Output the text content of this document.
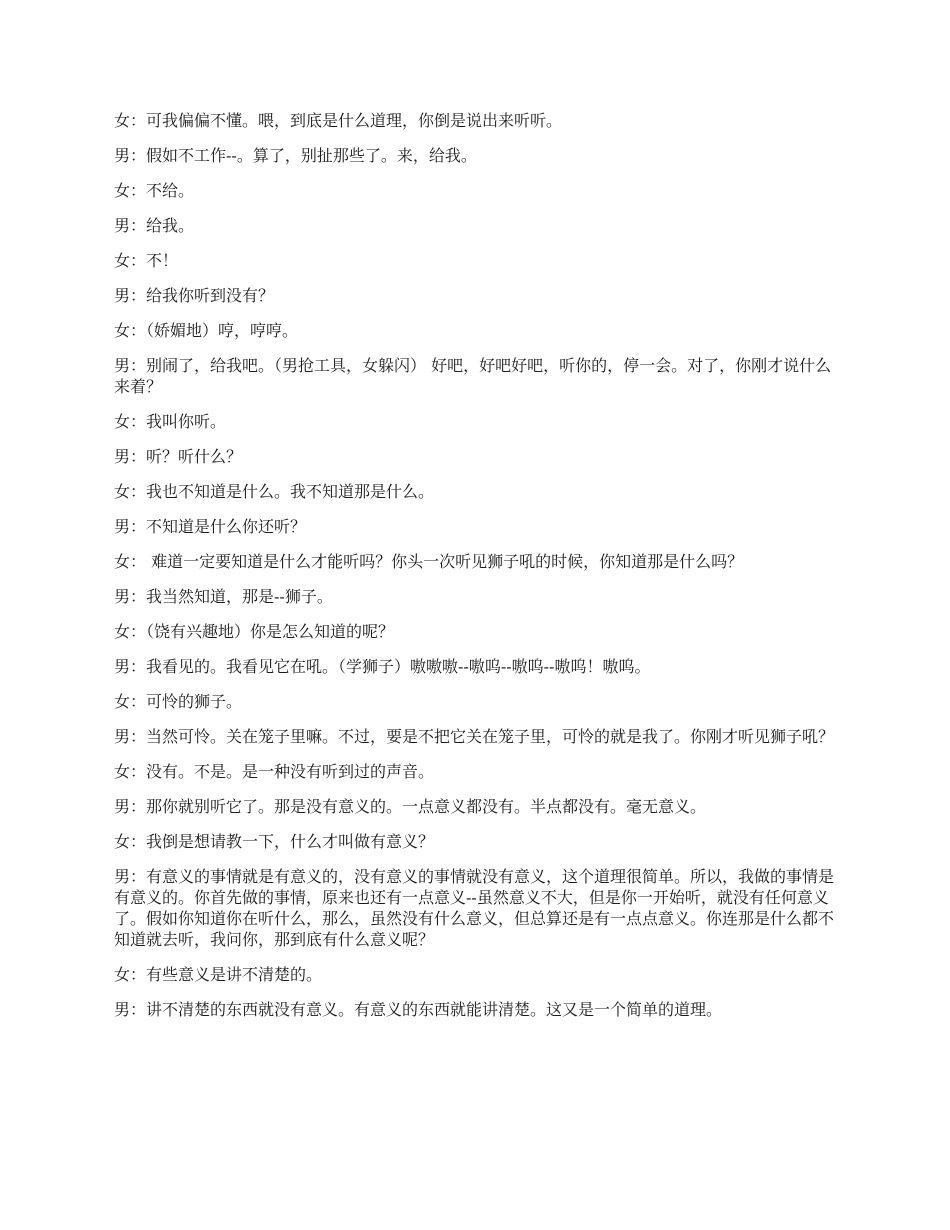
女：可我偏偏不懂。喂，到底是什么道理，你倒是说出来听听。

男：假如不工作--。算了，别扯那些了。来，给我。

女：不给。

男：给我。

女：不！

男：给我你听到没有？

女：（娇媚地）哼，哼哼。

男：别闹了，给我吧。（男抢工具，女躲闪） 好吧，好吧好吧，听你的，停一会。对了，你刚才说什么来着？

女：我叫你听。

男：听？听什么？

女：我也不知道是什么。我不知道那是什么。

男：不知道是什么你还听？

女： 难道一定要知道是什么才能听吗？你头一次听见狮子吼的时候，你知道那是什么吗？

男：我当然知道，那是--狮子。

女：（饶有兴趣地）你是怎么知道的呢？

男：我看见的。我看见它在吼。（学狮子）嗷嗷嗷--嗷呜--嗷呜--嗷呜！嗷呜。

女：可怜的狮子。

男：当然可怜。关在笼子里嘛。不过，要是不把它关在笼子里，可怜的就是我了。你刚才听见狮子吼？

女：没有。不是。是一种没有听到过的声音。

男：那你就别听它了。那是没有意义的。一点意义都没有。半点都没有。毫无意义。

女：我倒是想请教一下，什么才叫做有意义？

男：有意义的事情就是有意义的，没有意义的事情就没有意义，这个道理很简单。所以，我做的事情是有意义的。你首先做的事情，原来也还有一点意义--虽然意义不大，但是你一开始听，就没有任何意义了。假如你知道你在听什么，那么，虽然没有什么意义，但总算还是有一点点意义。你连那是什么都不知道就去听，我问你，那到底有什么意义呢？

女：有些意义是讲不清楚的。

男：讲不清楚的东西就没有意义。有意义的东西就能讲清楚。这又是一个简单的道理。
